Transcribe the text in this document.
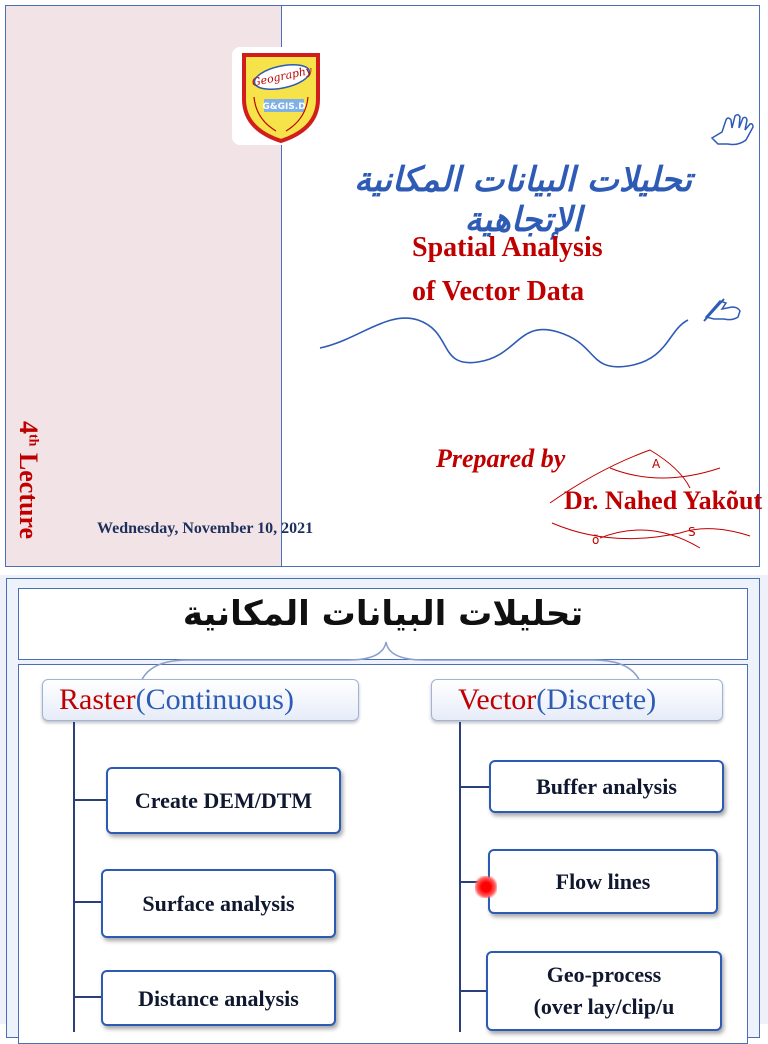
Geography
G&GIS.D
تحليلات البيانات المكانية الإتجاهية
Spatial Analysis
of Vector Data
4th Lecture	Wednesday, November 10, 2021
Prepared by	A
S
õ
Dr. Nahed Yakõut
تحليلات البيانات المكانية
Raster(Continuous)	Vector(Discrete)
Create DEM/DTM
Surface analysis
Distance analysis
Buffer analysis
Flow lines
Geo-process
(over lay/clip/u
